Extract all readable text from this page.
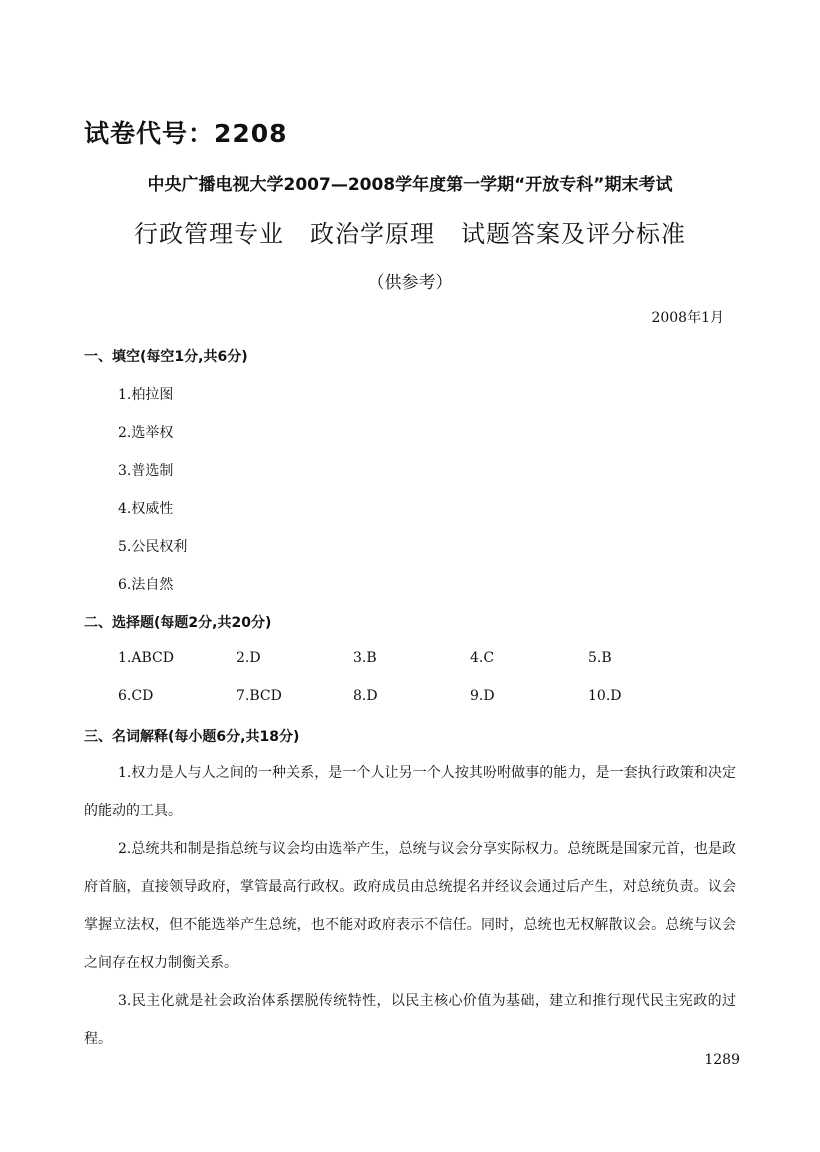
试卷代号：2208
中央广播电视大学2007—2008学年度第一学期“开放专科”期末考试
行政管理专业 政治学原理 试题答案及评分标准
（供参考）
2008年1月
一、填空(每空1分,共6分)
1.柏拉图
2.选举权
3.普选制
4.权威性
5.公民权利
6.法自然
二、选择题(每题2分,共20分)
1.ABCD	2.D	3.B	4.C	5.B
6.CD	7.BCD	8.D	9.D	10.D
三、名词解释(每小题6分,共18分)
1.权力是人与人之间的一种关系，是一个人让另一个人按其吩咐做事的能力，是一套执行政策和决定的能动的工具。
2.总统共和制是指总统与议会均由选举产生，总统与议会分享实际权力。总统既是国家元首，也是政府首脑，直接领导政府，掌管最高行政权。政府成员由总统提名并经议会通过后产生，对总统负责。议会掌握立法权，但不能选举产生总统，也不能对政府表示不信任。同时，总统也无权解散议会。总统与议会之间存在权力制衡关系。
3.民主化就是社会政治体系摆脱传统特性，以民主核心价值为基础，建立和推行现代民主宪政的过程。
1289
